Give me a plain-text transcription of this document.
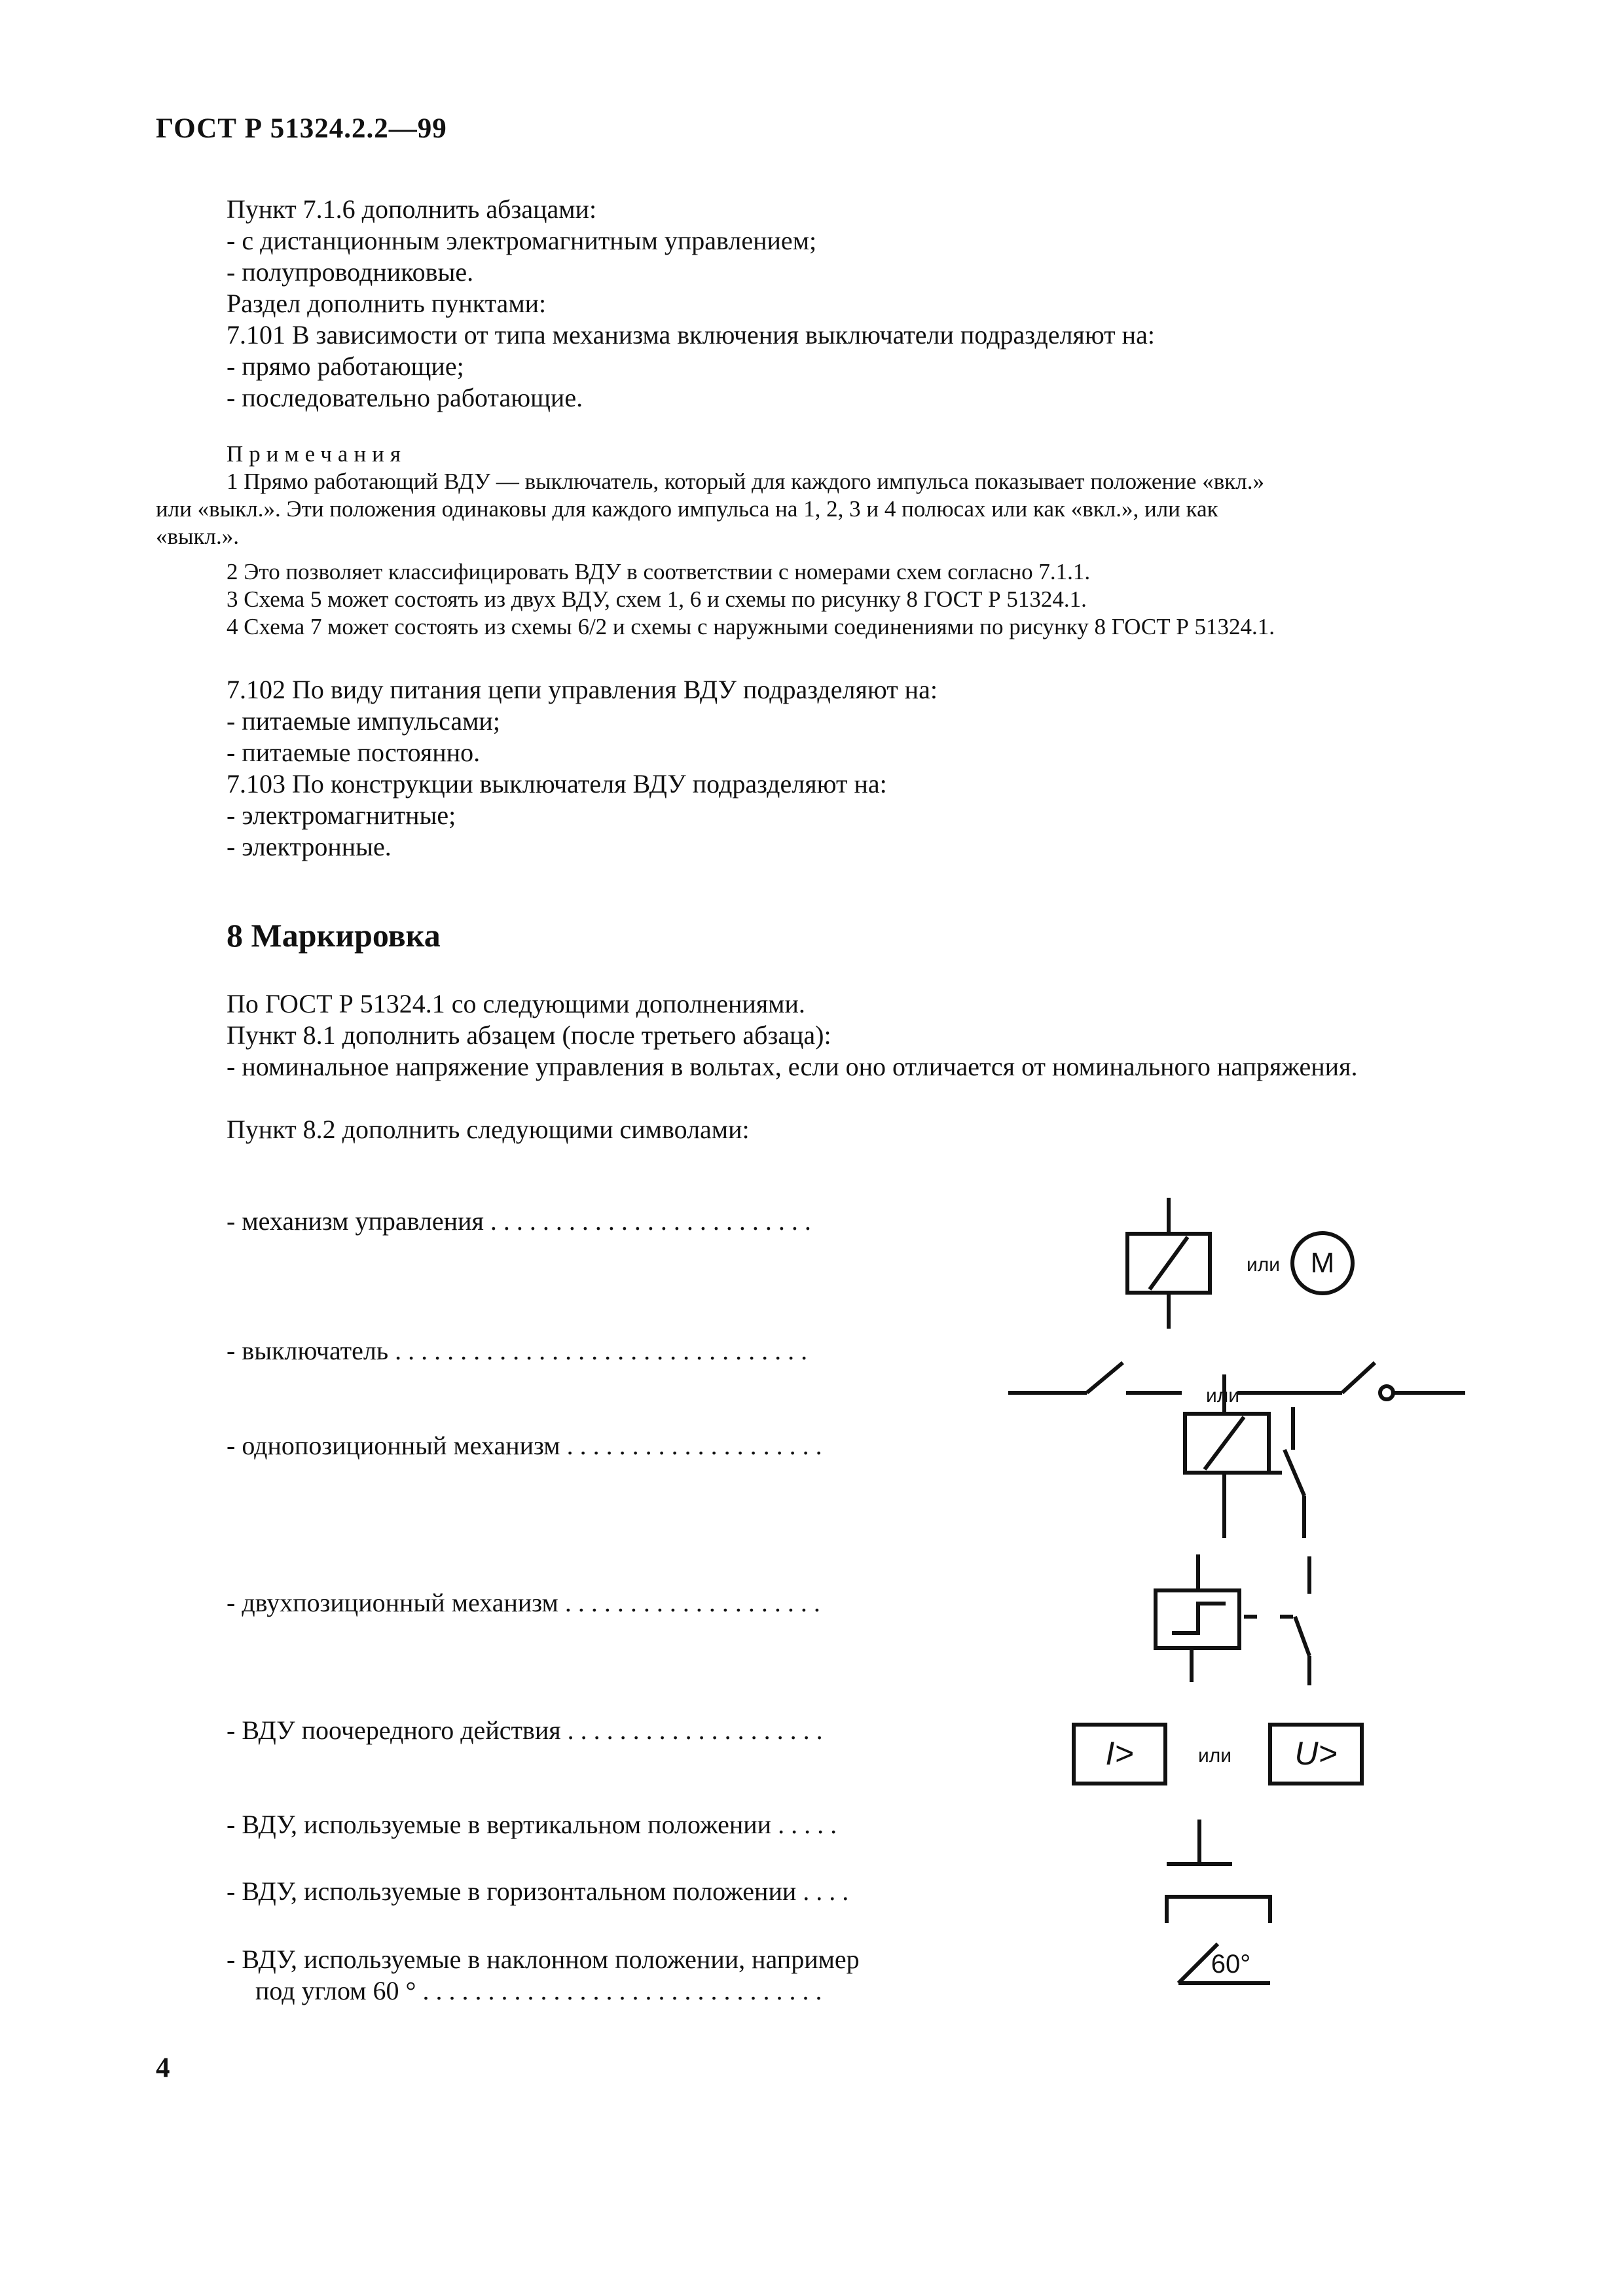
ГОСТ Р 51324.2.2—99
Пункт 7.1.6 дополнить абзацами:
- с дистанционным электромагнитным управлением;
- полупроводниковые.
Раздел дополнить пунктами:
7.101 В зависимости от типа механизма включения выключатели подразделяют на:
- прямо работающие;
- последовательно работающие.
Примечания
1 Прямо работающий ВДУ — выключатель, который для каждого импульса показывает положение «вкл.»
или «выкл.». Эти положения одинаковы для каждого импульса на 1, 2, 3 и 4 полюсах или как «вкл.», или как
«выкл.».
2 Это позволяет классифицировать ВДУ в соответствии с номерами схем согласно 7.1.1.
3 Схема 5 может состоять из двух ВДУ, схем 1, 6 и схемы по рисунку 8 ГОСТ Р 51324.1.
4 Схема 7 может состоять из схемы 6/2 и схемы с наружными соединениями по рисунку 8 ГОСТ Р 51324.1.
7.102 По виду питания цепи управления ВДУ подразделяют на:
- питаемые импульсами;
- питаемые постоянно.
7.103 По конструкции выключателя ВДУ подразделяют на:
- электромагнитные;
- электронные.
8 Маркировка
По ГОСТ Р 51324.1 со следующими дополнениями.
Пункт 8.1 дополнить абзацем (после третьего абзаца):
- номинальное напряжение управления в вольтах, если оно отличается от номинального напряжения.
Пункт 8.2 дополнить следующими символами:
- механизм управления . . . . . . . . . . . . . . . . . . . . . . . . .
- выключатель . . . . . . . . . . . . . . . . . . . . . . . . . . . . . . . .
- однопозиционный механизм . . . . . . . . . . . . . . . . . . . .
- двухпозиционный механизм . . . . . . . . . . . . . . . . . . . .
- ВДУ поочередного действия . . . . . . . . . . . . . . . . . . . .
- ВДУ, используемые в вертикальном положении . . . . .
- ВДУ, используемые в горизонтальном положении . . . .
- ВДУ, используемые в наклонном положении, например
под углом 60 ° . . . . . . . . . . . . . . . . . . . . . . . . . . . . . . .
или M
или
I>	или U>
60°
4
